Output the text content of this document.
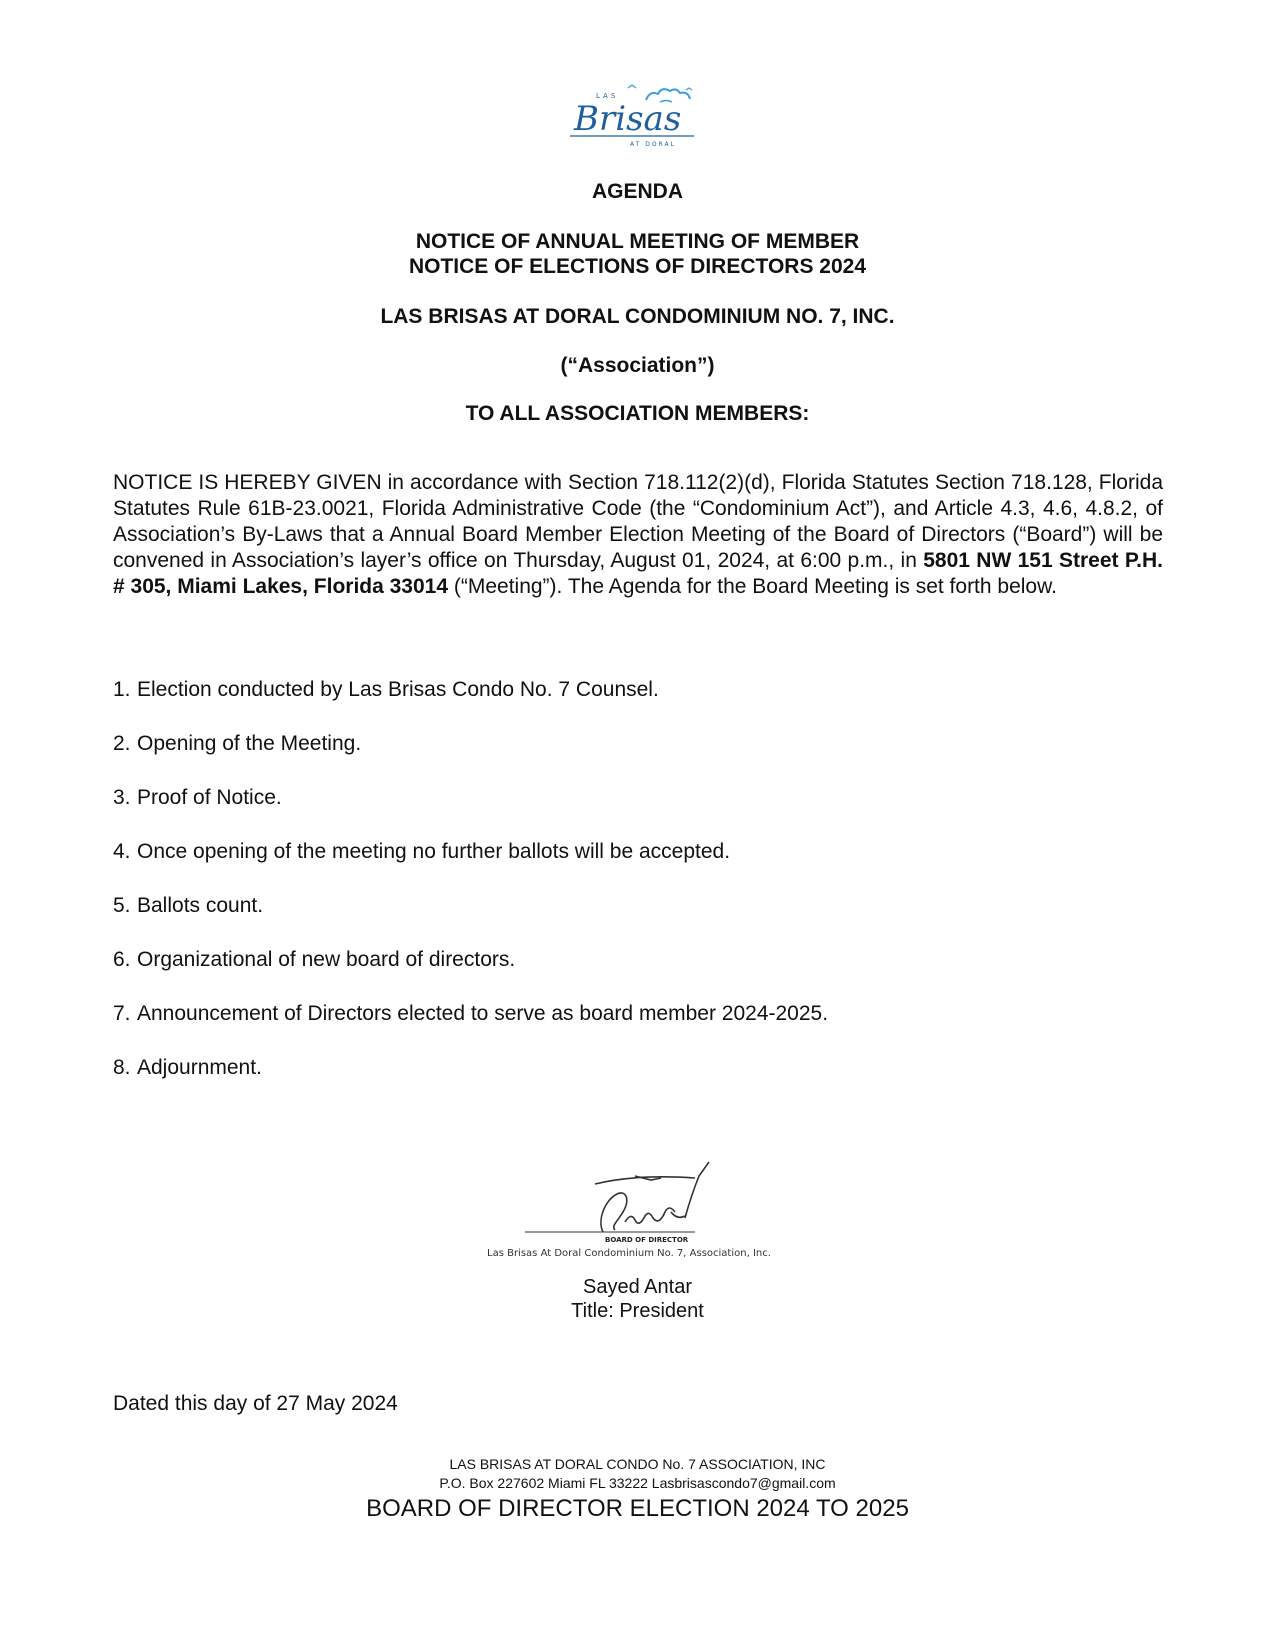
LAS
Brisas
AT DORAL
AGENDA
NOTICE OF ANNUAL MEETING OF MEMBER
NOTICE OF ELECTIONS OF DIRECTORS 2024
LAS BRISAS AT DORAL CONDOMINIUM NO. 7, INC.
(“Association”)
TO ALL ASSOCIATION MEMBERS:
NOTICE IS HEREBY GIVEN in accordance with Section 718.112(2)(d), Florida Statutes Section 718.128, Florida Statutes Rule 61B-23.0021, Florida Administrative Code (the “Condominium Act”), and Article 4.3, 4.6, 4.8.2, of Association’s By-Laws that a Annual Board Member Election Meeting of the Board of Directors (“Board”) will be convened in Association’s layer’s office on Thursday, August 01, 2024, at 6:00 p.m., in 5801 NW 151 Street P.H. # 305, Miami Lakes, Florida 33014 (“Meeting”). The Agenda for the Board Meeting is set forth below.
1. Election conducted by Las Brisas Condo No. 7 Counsel.
2. Opening of the Meeting.
3. Proof of Notice.
4. Once opening of the meeting no further ballots will be accepted.
5. Ballots count.
6. Organizational of new board of directors.
7. Announcement of Directors elected to serve as board member 2024-2025.
8. Adjournment.
BOARD OF DIRECTOR
Las Brisas At Doral Condominium No. 7, Association, Inc.
Sayed Antar
Title: President
Dated this day of 27 May 2024
LAS BRISAS AT DORAL CONDO No. 7 ASSOCIATION, INC
P.O. Box 227602 Miami FL 33222 Lasbrisascondo7@gmail.com
BOARD OF DIRECTOR ELECTION 2024 TO 2025
